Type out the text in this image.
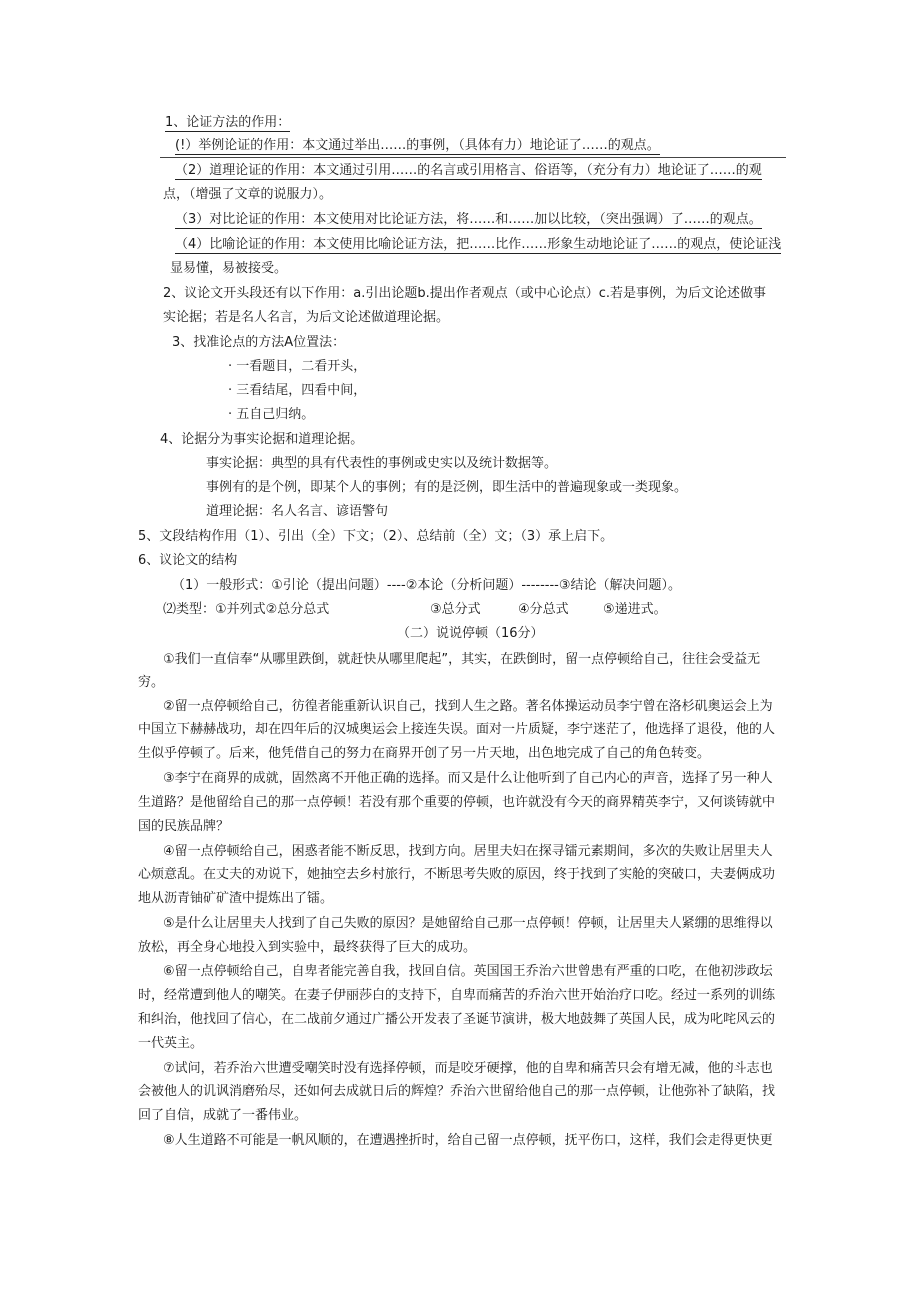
1、论证方法的作用：
(!）举例论证的作用：本文通过举出……的事例，（具体有力）地论证了……的观点。
（2）道理论证的作用：本文通过引用……的名言或引用格言、俗语等，（充分有力）地论证了……的观
点，（增强了文章的说服力）。
（3）对比论证的作用：本文使用对比论证方法，将……和……加以比较，（突出强调）了……的观点。
（4）比喻论证的作用：本文使用比喻论证方法，把……比作……形象生动地论证了……的观点，使论证浅
显易懂，易被接受。
2、议论文开头段还有以下作用：a.引出论题b.提出作者观点（或中心论点）c.若是事例，为后文论述做事
实论据；若是名人名言，为后文论述做道理论据。
3、找准论点的方法A位置法：
· 一看题目，二看开头，
· 三看结尾，四看中间，
· 五自己归纳。
4、论据分为事实论据和道理论据。
事实论据：典型的具有代表性的事例或史实以及统计数据等。
事例有的是个例，即某个人的事例；有的是泛例，即生活中的普遍现象或一类现象。
道理论据：名人名言、谚语警句
5、文段结构作用（1）、引出（全）下文；（2）、总结前（全）文；（3）承上启下。
6、议论文的结构
（1）一般形式：①引论（提出问题）----②本论（分析问题）--------③结论（解决问题）。
⑵类型：①并列式②总分总式	③总分式	④分总式	⑤递进式。
（二）说说停顿（16分）
①我们一直信奉“从哪里跌倒，就赶快从哪里爬起”，其实，在跌倒时，留一点停顿给自己，往往会受益无
穷。
②留一点停顿给自己，彷徨者能重新认识自己，找到人生之路。著名体操运动员李宁曾在洛杉矶奥运会上为
中国立下赫赫战功，却在四年后的汉城奥运会上接连失误。面对一片质疑，李宁迷茫了，他选择了退役，他的人
生似乎停顿了。后来，他凭借自己的努力在商界开创了另一片天地，出色地完成了自己的角色转变。
③李宁在商界的成就，固然离不开他正确的选择。而又是什么让他听到了自己内心的声音，选择了另一种人
生道路？是他留给自己的那一点停顿！若没有那个重要的停顿，也许就没有今天的商界精英李宁，又何谈铸就中
国的民族品牌？
④留一点停顿给自己，困惑者能不断反思，找到方向。居里夫妇在探寻镭元素期间，多次的失败让居里夫人
心烦意乱。在丈夫的劝说下，她抽空去乡村旅行，不断思考失败的原因，终于找到了实舱的突破口，夫妻俩成功
地从沥青铀矿矿渣中提炼出了镭。
⑤是什么让居里夫人找到了自己失败的原因？是她留给自己那一点停顿！停顿，让居里夫人紧绷的思维得以
放松，再全身心地投入到实验中，最终获得了巨大的成功。
⑥留一点停顿给自己，自卑者能完善自我，找回自信。英国国王乔治六世曾患有严重的口吃，在他初涉政坛
时，经常遭到他人的嘲笑。在妻子伊丽莎白的支持下，自卑而痛苦的乔治六世开始治疗口吃。经过一系列的训练
和纠治，他找回了信心，在二战前夕通过广播公开发表了圣诞节演讲，极大地鼓舞了英国人民，成为叱咤风云的
一代英主。
⑦试问，若乔治六世遭受嘲笑时没有选择停顿，而是咬牙硬撑，他的自卑和痛苦只会有增无减，他的斗志也
会被他人的讥讽消磨殆尽，还如何去成就日后的辉煌？乔治六世留给他自己的那一点停顿，让他弥补了缺陷，找
回了自信，成就了一番伟业。
⑧人生道路不可能是一帆风顺的，在遭遇挫折时，给自己留一点停顿，抚平伤口，这样，我们会走得更快更
